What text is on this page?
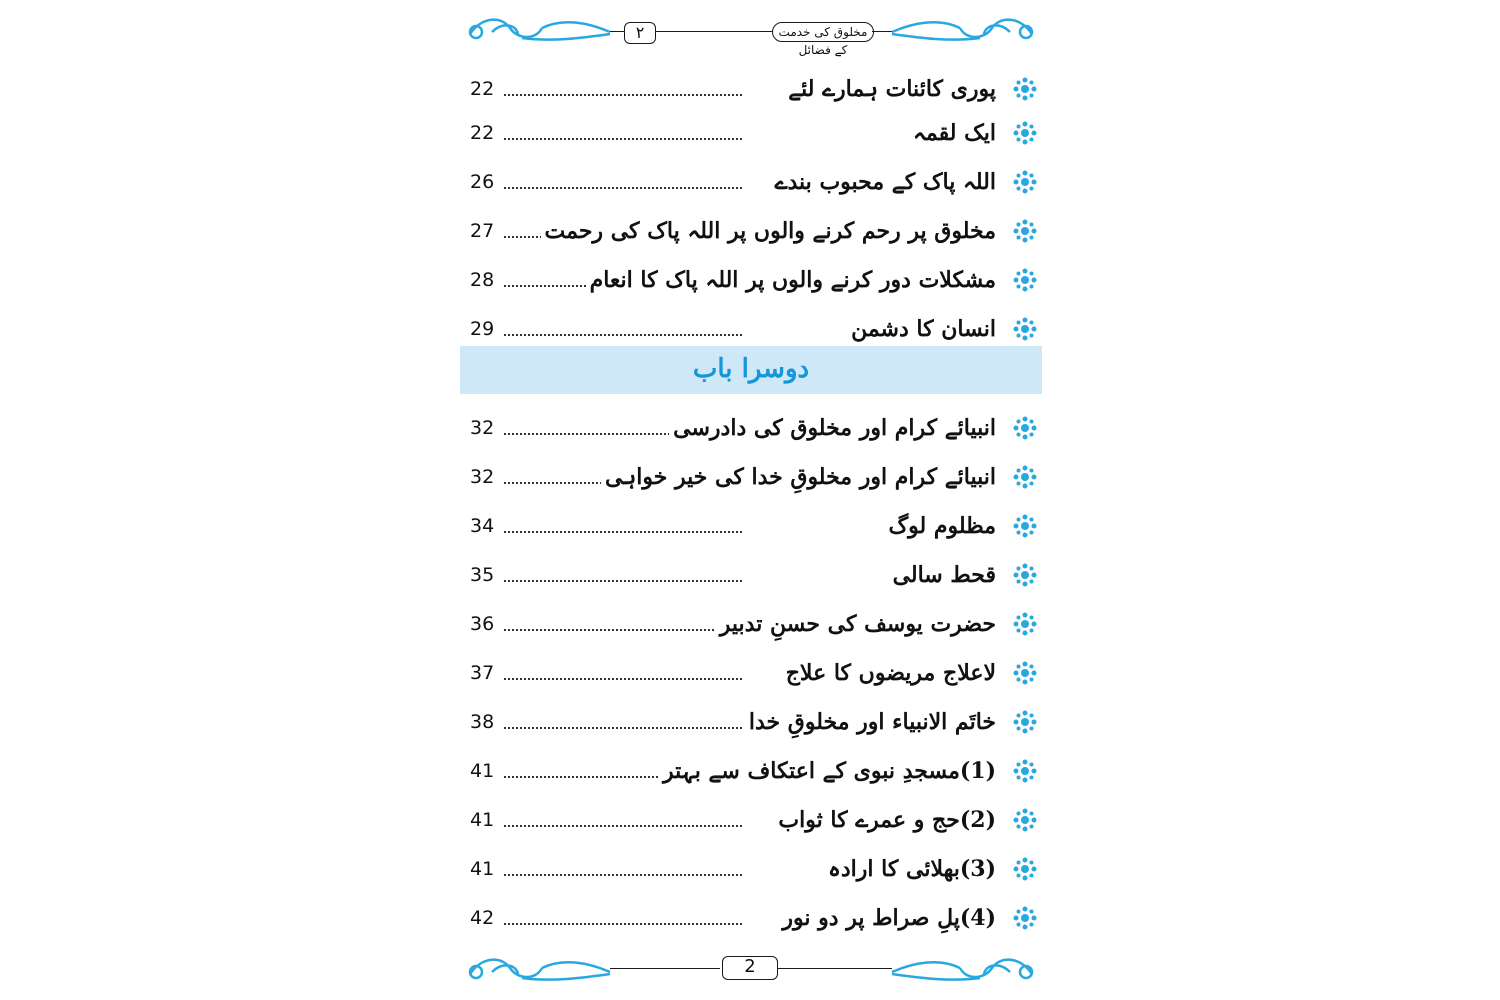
۲	مخلوق کی خدمت کے فضائل
پوری کائنات ہمارے لئے
22
ایک لقمہ
22
اللہ پاک کے محبوب بندے
26
مخلوق پر رحم کرنے والوں پر اللہ پاک کی رحمت
27
مشکلات دور کرنے والوں پر اللہ پاک کا انعام
28
انسان کا دشمن
29
دوسرا باب
انبیائے کرام اور مخلوق کی دادرسی
32
انبیائے کرام اور مخلوقِ خدا کی خیر خواہی
32
مظلوم لوگ
34
قحط سالی
35
حضرت یوسف کی حسنِ تدبیر
36
لاعلاج مریضوں کا علاج
37
خاتَم الانبیاء اور مخلوقِ خدا
38
(1)مسجدِ نبوی کے اعتکاف سے بہتر
41
(2)حج و عمرے کا ثواب
41
(3)بھلائی کا ارادہ
41
(4)پلِ صراط پر دو نور
42
2
